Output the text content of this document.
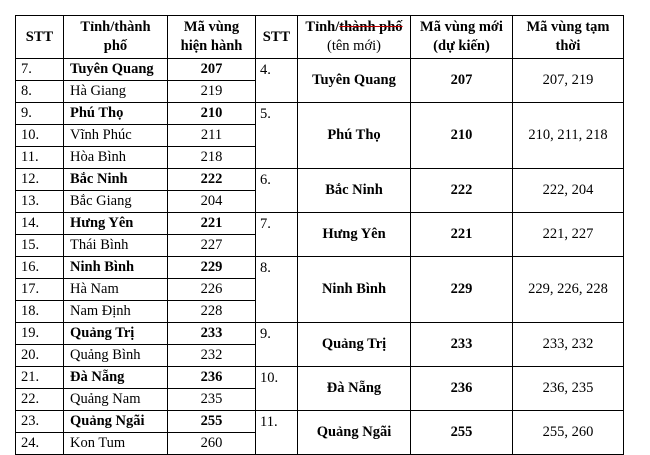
STT	Tỉnh/thành phố	Mã vùng hiện hành	STT	Tỉnh/thành phố (tên mới)	Mã vùng mới (dự kiến)	Mã vùng tạm thời
7.	Tuyên Quang	207	4.	Tuyên Quang	207	207, 219
8.	Hà Giang	219				
9.	Phú Thọ	210	5.	Phú Thọ	210	210, 211, 218
10.	Vĩnh Phúc	211				
11.	Hòa Bình	218				
12.	Bắc Ninh	222	6.	Bắc Ninh	222	222, 204
13.	Bắc Giang	204				
14.	Hưng Yên	221	7.	Hưng Yên	221	221, 227
15.	Thái Bình	227				
16.	Ninh Bình	229	8.	Ninh Bình	229	229, 226, 228
17.	Hà Nam	226				
18.	Nam Định	228				
19.	Quảng Trị	233	9.	Quảng Trị	233	233, 232
20.	Quảng Bình	232				
21.	Đà Nẵng	236	10.	Đà Nẵng	236	236, 235
22.	Quảng Nam	235				
23.	Quảng Ngãi	255	11.	Quảng Ngãi	255	255, 260
24.	Kon Tum	260				
